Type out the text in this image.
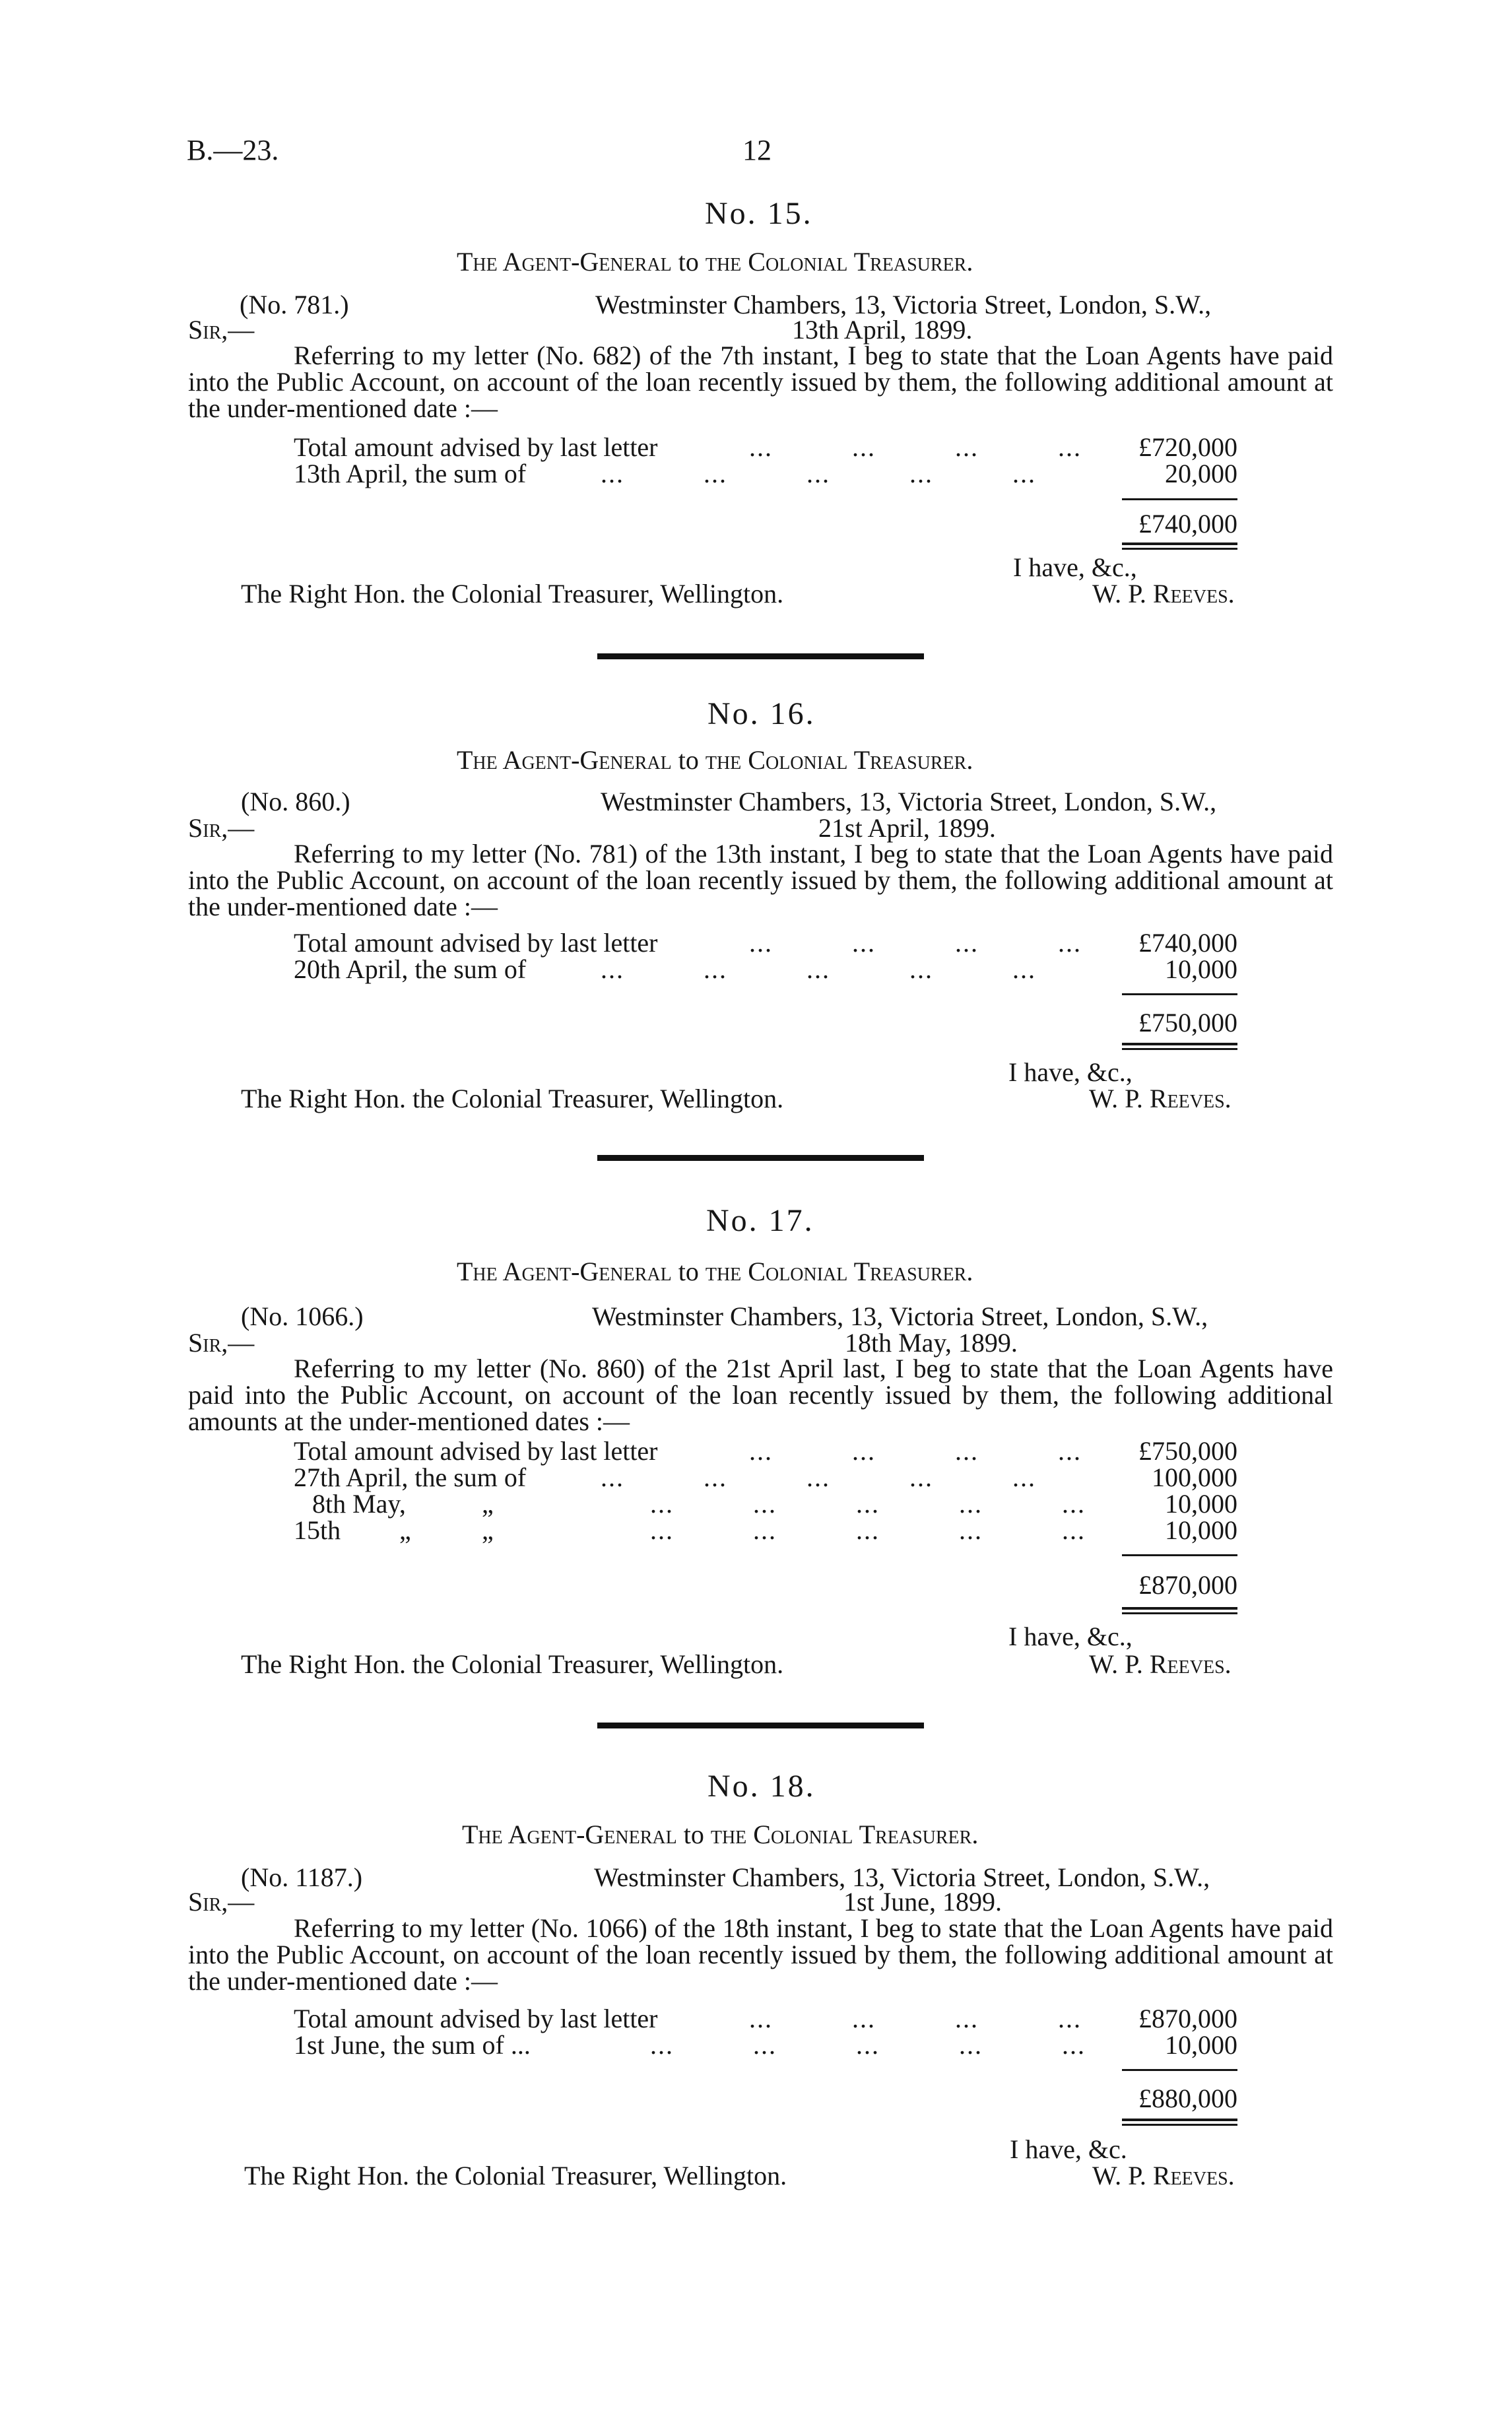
B.—23.	12
No. 15.
The Agent-General to the Colonial Treasurer.
(No. 781.)	Westminster Chambers, 13, Victoria Street, London, S.W.,
Sir,—	13th April, 1899.

Referring to my letter (No. 682) of the 7th instant, I beg to state that the Loan Agents have paid into the Public Account, on account of the loan recently issued by them, the following additional amount at the under-mentioned date :—

Total amount advised by last letter	...          ...          ...          ...	£720,000
13th April, the sum of	...          ...          ...          ...          ...	20,000
£740,000
I have, &c.,
The Right Hon. the Colonial Treasurer, Wellington.	W. P. Reeves.
No. 16.
The Agent-General to the Colonial Treasurer.
(No. 860.)	Westminster Chambers, 13, Victoria Street, London, S.W.,
Sir,—	21st April, 1899.

Referring to my letter (No. 781) of the 13th instant, I beg to state that the Loan Agents have paid into the Public Account, on account of the loan recently issued by them, the following additional amount at the under-mentioned date :—

Total amount advised by last letter	...          ...          ...          ...	£740,000
20th April, the sum of	...          ...          ...          ...          ...	10,000
£750,000
I have, &c.,
The Right Hon. the Colonial Treasurer, Wellington.	W. P. Reeves.
No. 17.
The Agent-General to the Colonial Treasurer.
(No. 1066.)	Westminster Chambers, 13, Victoria Street, London, S.W.,
Sir,—	18th May, 1899.

Referring to my letter (No. 860) of the 21st April last, I beg to state that the Loan Agents have paid into the Public Account, on account of the loan recently issued by them, the following additional amounts at the under-mentioned dates :—

Total amount advised by last letter	...          ...          ...          ...	£750,000
27th April, the sum of	...          ...          ...          ...          ...	100,000
8th May,	„	...          ...          ...          ...          ...	10,000
15th „	„	...          ...          ...          ...          ...	10,000
£870,000
I have, &c.,
The Right Hon. the Colonial Treasurer, Wellington.	W. P. Reeves.
No. 18.
The Agent-General to the Colonial Treasurer.
(No. 1187.)	Westminster Chambers, 13, Victoria Street, London, S.W.,
Sir,—	1st June, 1899.

Referring to my letter (No. 1066) of the 18th instant, I beg to state that the Loan Agents have paid into the Public Account, on account of the loan recently issued by them, the following additional amount at the under-mentioned date :—

Total amount advised by last letter	...          ...          ...          ...	£870,000
1st June, the sum of ...	...          ...          ...          ...          ...	10,000
£880,000
I have, &c.
The Right Hon. the Colonial Treasurer, Wellington.	W. P. Reeves.
